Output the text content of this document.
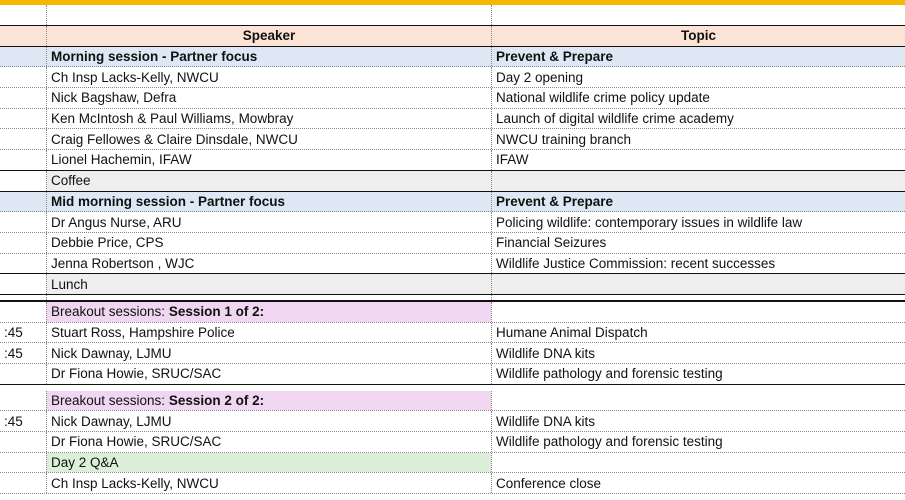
Speaker	Topic
Morning session - Partner focus	Prevent & Prepare
Ch Insp Lacks-Kelly, NWCU	Day 2 opening
Nick Bagshaw, Defra	National wildlife crime policy update
Ken McIntosh & Paul Williams, Mowbray	Launch of digital wildlife crime academy
Craig Fellowes & Claire Dinsdale, NWCU	NWCU training branch
Lionel Hachemin, IFAW	IFAW
Coffee
Mid morning session - Partner focus	Prevent & Prepare
Dr Angus Nurse, ARU	Policing wildlife: contemporary issues in wildlife law
Debbie Price, CPS	Financial Seizures
Jenna Robertson , WJC	Wildlife Justice Commission: recent successes
Lunch
Breakout sessions: Session 1 of 2:
:45	Stuart Ross, Hampshire Police	Humane Animal Dispatch
:45	Nick Dawnay, LJMU	Wildlife DNA kits
Dr Fiona Howie, SRUC/SAC	Wildlife pathology and forensic testing
Breakout sessions: Session 2 of 2:
:45	Nick Dawnay, LJMU	Wildlife DNA kits
Dr Fiona Howie, SRUC/SAC	Wildlife pathology and forensic testing
Day 2 Q&A
Ch Insp Lacks-Kelly, NWCU	Conference close
